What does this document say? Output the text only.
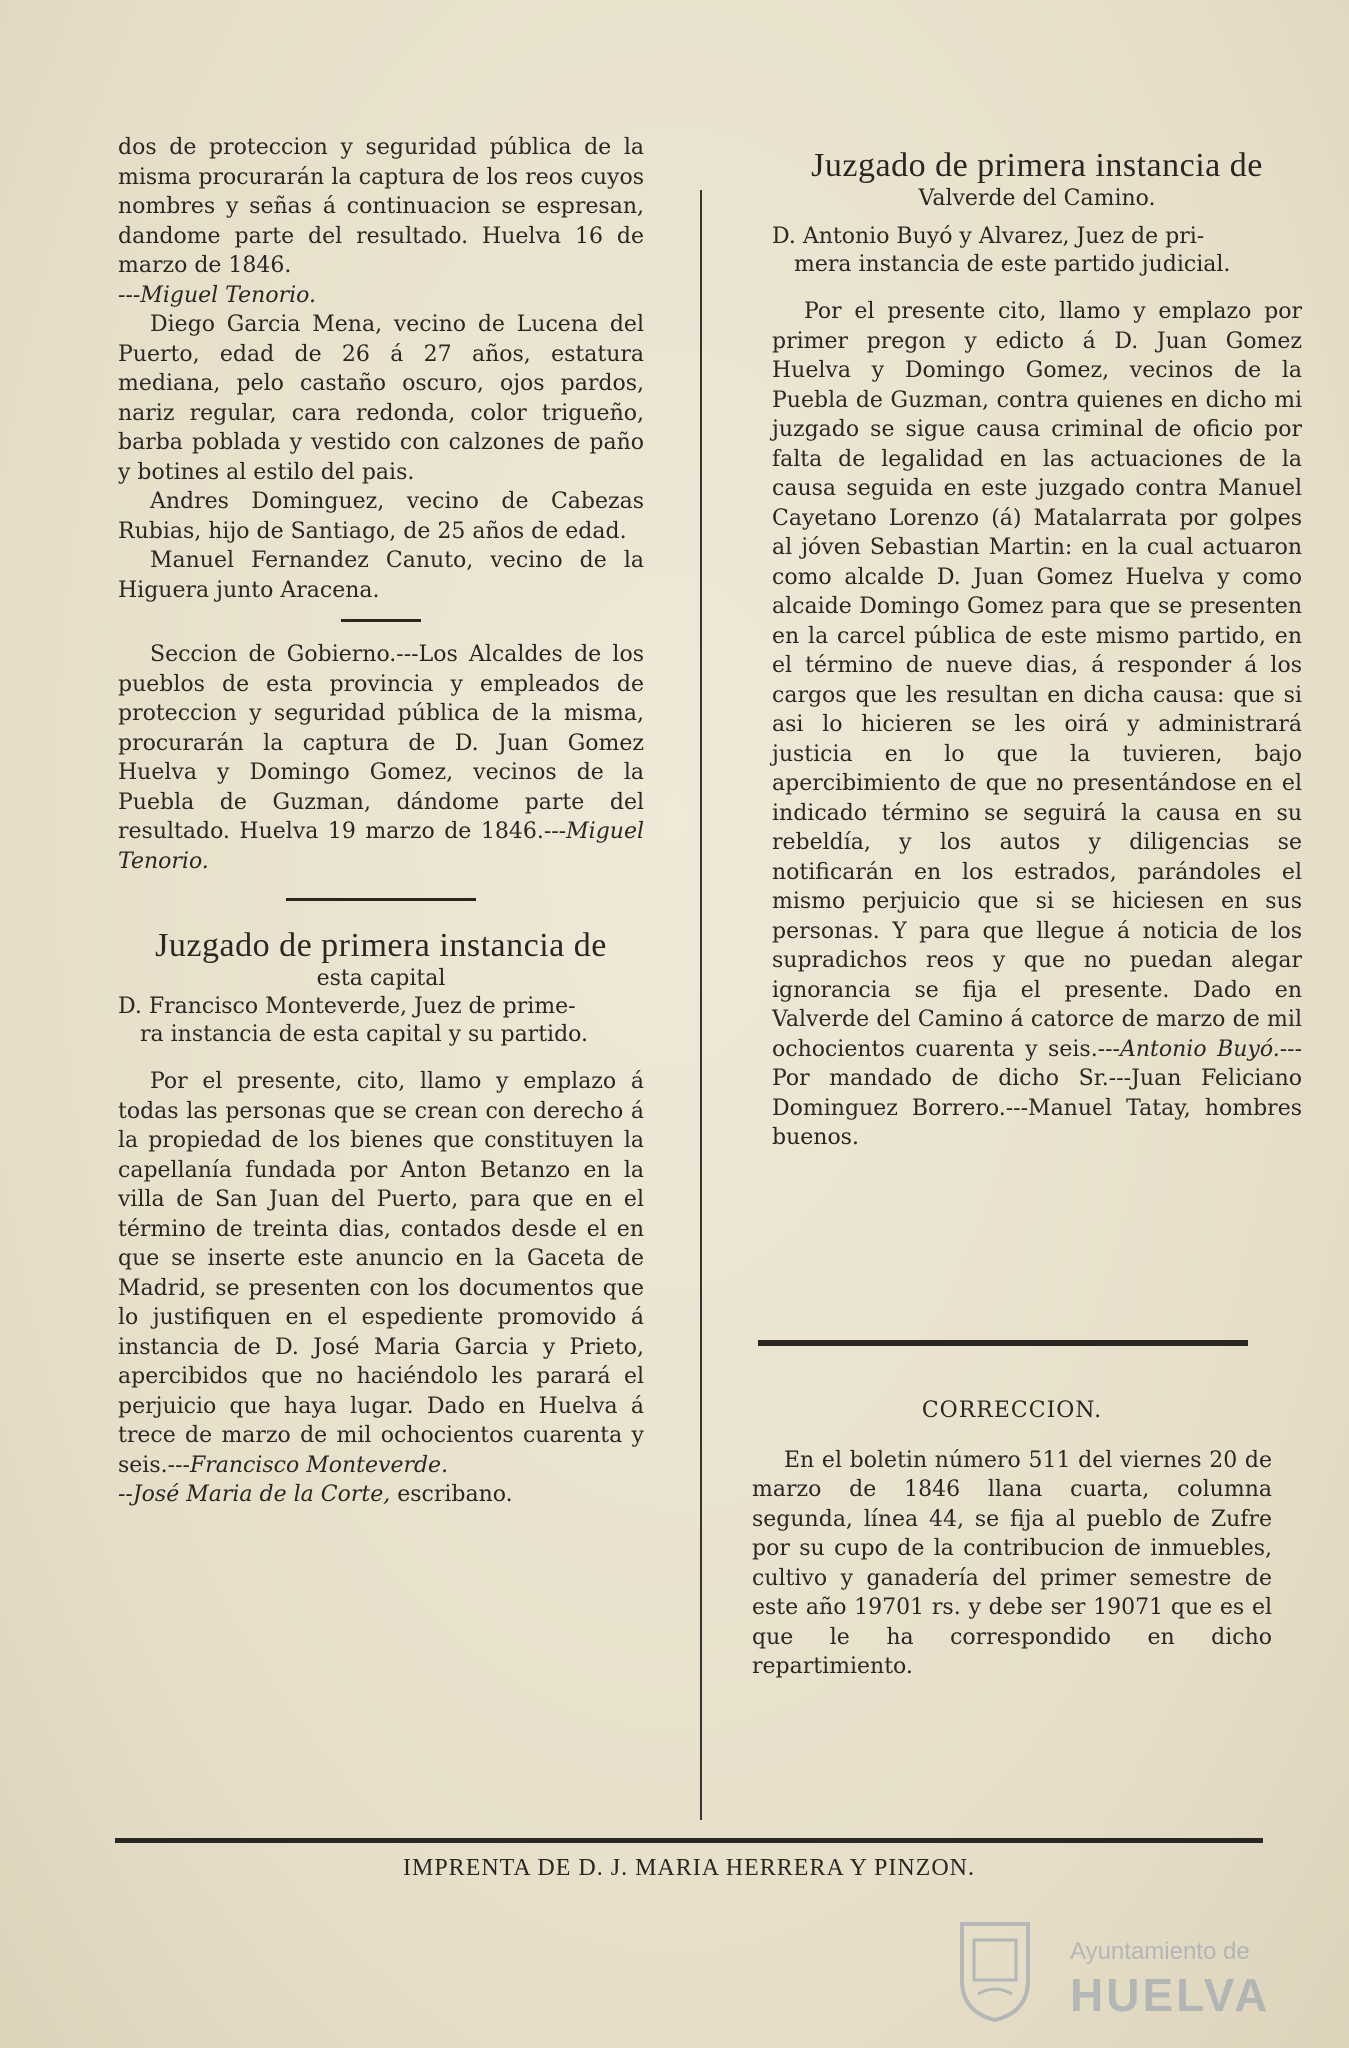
dos de proteccion y seguridad pública de la misma procurarán la captura de los reos cuyos nombres y señas á continuacion se espresan, dandome parte del resultado. Huelva 16 de marzo de 1846.
---Miguel Tenorio.

Diego Garcia Mena, vecino de Lucena del Puerto, edad de 26 á 27 años, estatura mediana, pelo castaño oscuro, ojos pardos, nariz regular, cara redonda, color trigueño, barba poblada y vestido con calzones de paño y botines al estilo del pais.

Andres Dominguez, vecino de Cabezas Rubias, hijo de Santiago, de 25 años de edad.

Manuel Fernandez Canuto, vecino de la Higuera junto Aracena.

Seccion de Gobierno.---Los Alcaldes de los pueblos de esta provincia y empleados de proteccion y seguridad pública de la misma, procurarán la captura de D. Juan Gomez Huelva y Domingo Gomez, vecinos de la Puebla de Guzman, dándome parte del resultado. Huelva 19 marzo de 1846.---Miguel Tenorio.

Juzgado de primera instancia de

esta capital

D. Francisco Monteverde, Juez de prime-
ra instancia de esta capital y su partido.

Por el presente, cito, llamo y emplazo á todas las personas que se crean con derecho á la propiedad de los bienes que constituyen la capellanía fundada por Anton Betanzo en la villa de San Juan del Puerto, para que en el término de treinta dias, contados desde el en que se inserte este anuncio en la Gaceta de Madrid, se presenten con los documentos que lo justifiquen en el espediente promovido á instancia de D. José Maria Garcia y Prieto, apercibidos que no haciéndolo les parará el perjuicio que haya lugar. Dado en Huelva á trece de marzo de mil ochocientos cuarenta y seis.---Francisco Monteverde.
--José Maria de la Corte, escribano.

Juzgado de primera instancia de

Valverde del Camino.

D. Antonio Buyó y Alvarez, Juez de pri-
mera instancia de este partido judicial.

Por el presente cito, llamo y emplazo por primer pregon y edicto á D. Juan Gomez Huelva y Domingo Gomez, vecinos de la Puebla de Guzman, contra quienes en dicho mi juzgado se sigue causa criminal de oficio por falta de legalidad en las actuaciones de la causa seguida en este juzgado contra Manuel Cayetano Lorenzo (á) Matalarrata por golpes al jóven Sebastian Martin: en la cual actuaron como alcalde D. Juan Gomez Huelva y como alcaide Domingo Gomez para que se presenten en la carcel pública de este mismo partido, en el término de nueve dias, á responder á los cargos que les resultan en dicha causa: que si asi lo hicieren se les oirá y administrará justicia en lo que la tuvieren, bajo apercibimiento de que no presentándose en el indicado término se seguirá la causa en su rebeldía, y los autos y diligencias se notificarán en los estrados, parándoles el mismo perjuicio que si se hiciesen en sus personas. Y para que llegue á noticia de los supradichos reos y que no puedan alegar ignorancia se fija el presente. Dado en Valverde del Camino á catorce de marzo de mil ochocientos cuarenta y seis.---Antonio Buyó.---Por mandado de dicho Sr.---Juan Feliciano Dominguez Borrero.---Manuel Tatay, hombres buenos.

CORRECCION.

En el boletin número 511 del viernes 20 de marzo de 1846 llana cuarta, columna segunda, línea 44, se fija al pueblo de Zufre por su cupo de la contribucion de inmuebles, cultivo y ganadería del primer semestre de este año 19701 rs. y debe ser 19071 que es el que le ha correspondido en dicho repartimiento.

IMPRENTA DE D. J. MARIA HERRERA Y PINZON.
Ayuntamiento de
HUELVA
